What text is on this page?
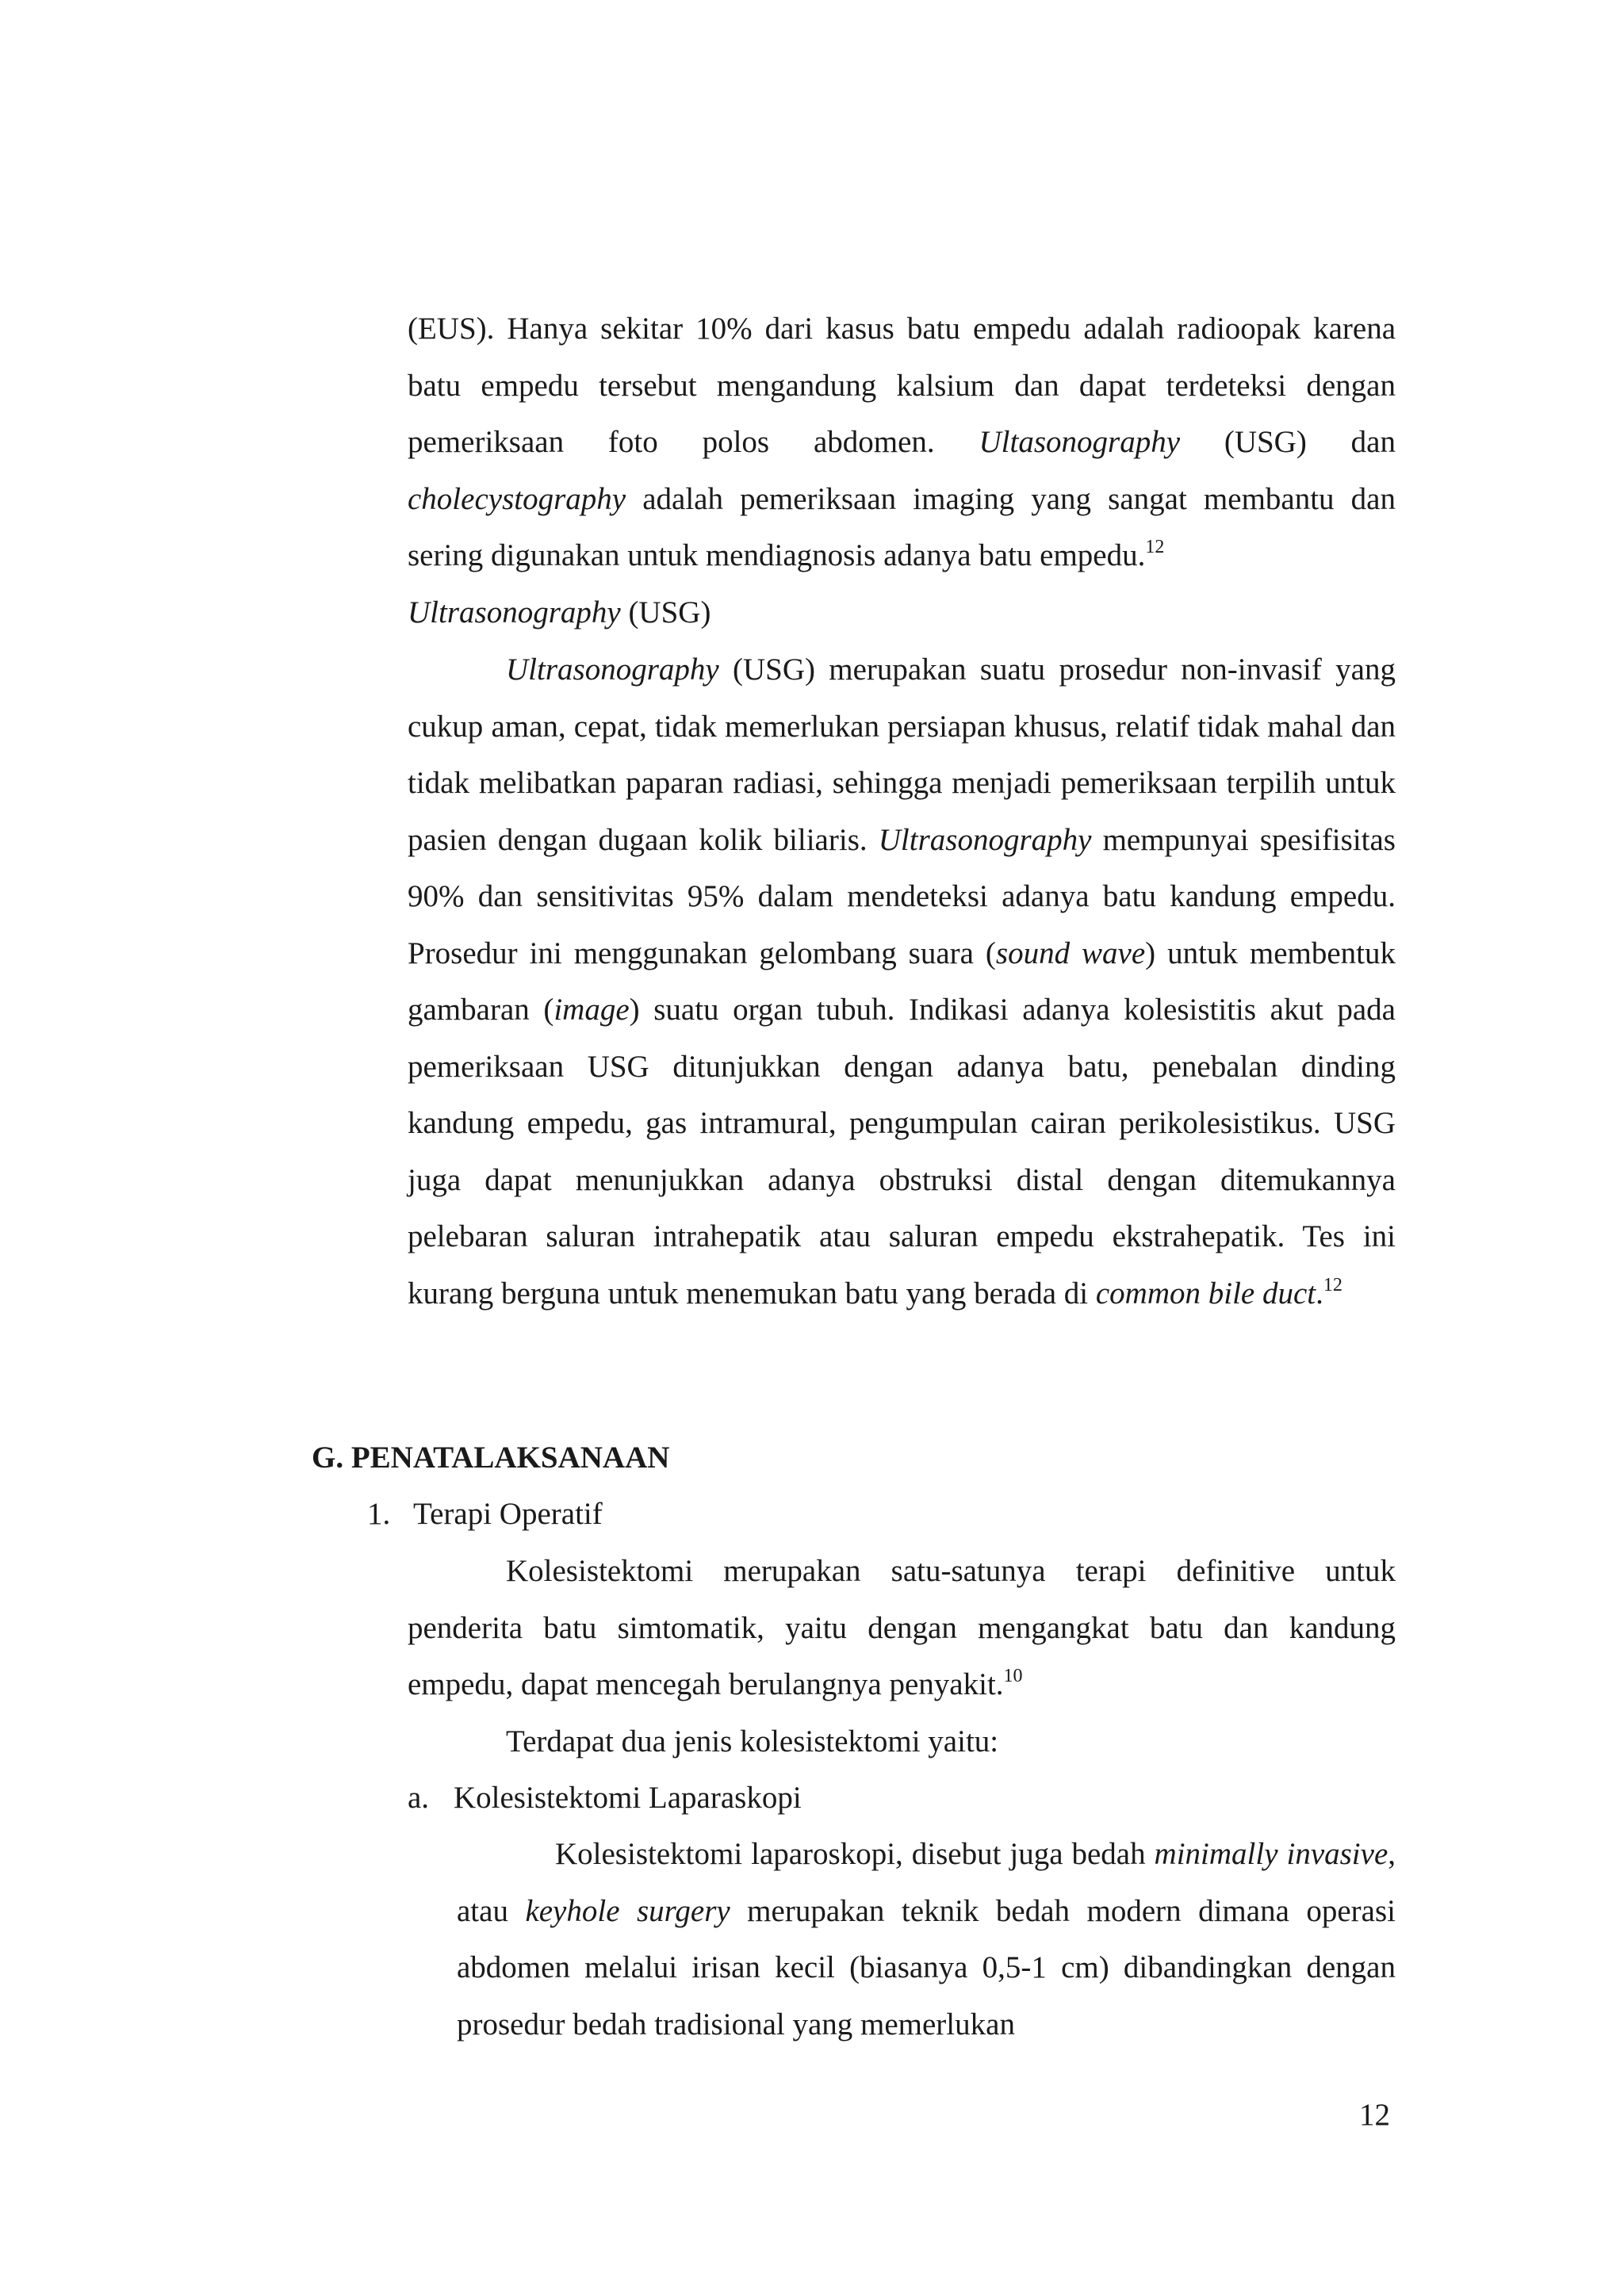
(EUS). Hanya sekitar 10% dari kasus batu empedu adalah radioopak karena batu empedu tersebut mengandung kalsium dan dapat terdeteksi dengan pemeriksaan foto polos abdomen. Ultasonography (USG) dan cholecystography adalah pemeriksaan imaging yang sangat membantu dan sering digunakan untuk mendiagnosis adanya batu empedu.$^{12}$

Ultrasonography (USG)

Ultrasonography (USG) merupakan suatu prosedur non-invasif yang cukup aman, cepat, tidak memerlukan persiapan khusus, relatif tidak mahal dan tidak melibatkan paparan radiasi, sehingga menjadi pemeriksaan terpilih untuk pasien dengan dugaan kolik biliaris. Ultrasonography mempunyai spesifisitas 90% dan sensitivitas 95% dalam mendeteksi adanya batu kandung empedu. Prosedur ini menggunakan gelombang suara (sound wave) untuk membentuk gambaran (image) suatu organ tubuh. Indikasi adanya kolesistitis akut pada pemeriksaan USG ditunjukkan dengan adanya batu, penebalan dinding kandung empedu, gas intramural, pengumpulan cairan perikolesistikus. USG juga dapat menunjukkan adanya obstruksi distal dengan ditemukannya pelebaran saluran intrahepatik atau saluran empedu ekstrahepatik. Tes ini kurang berguna untuk menemukan batu yang berada di common bile duct.$^{12}$

G. PENATALAKSANAAN
1. Terapi Operatif

Kolesistektomi merupakan satu-satunya terapi definitive untuk penderita batu simtomatik, yaitu dengan mengangkat batu dan kandung empedu, dapat mencegah berulangnya penyakit.$^{10}$

Terdapat dua jenis kolesistektomi yaitu:

a. Kolesistektomi Laparaskopi

Kolesistektomi laparoskopi, disebut juga bedah minimally invasive, atau keyhole surgery merupakan teknik bedah modern dimana operasi abdomen melalui irisan kecil (biasanya 0,5-1 cm) dibandingkan dengan prosedur bedah tradisional yang memerlukan

12
